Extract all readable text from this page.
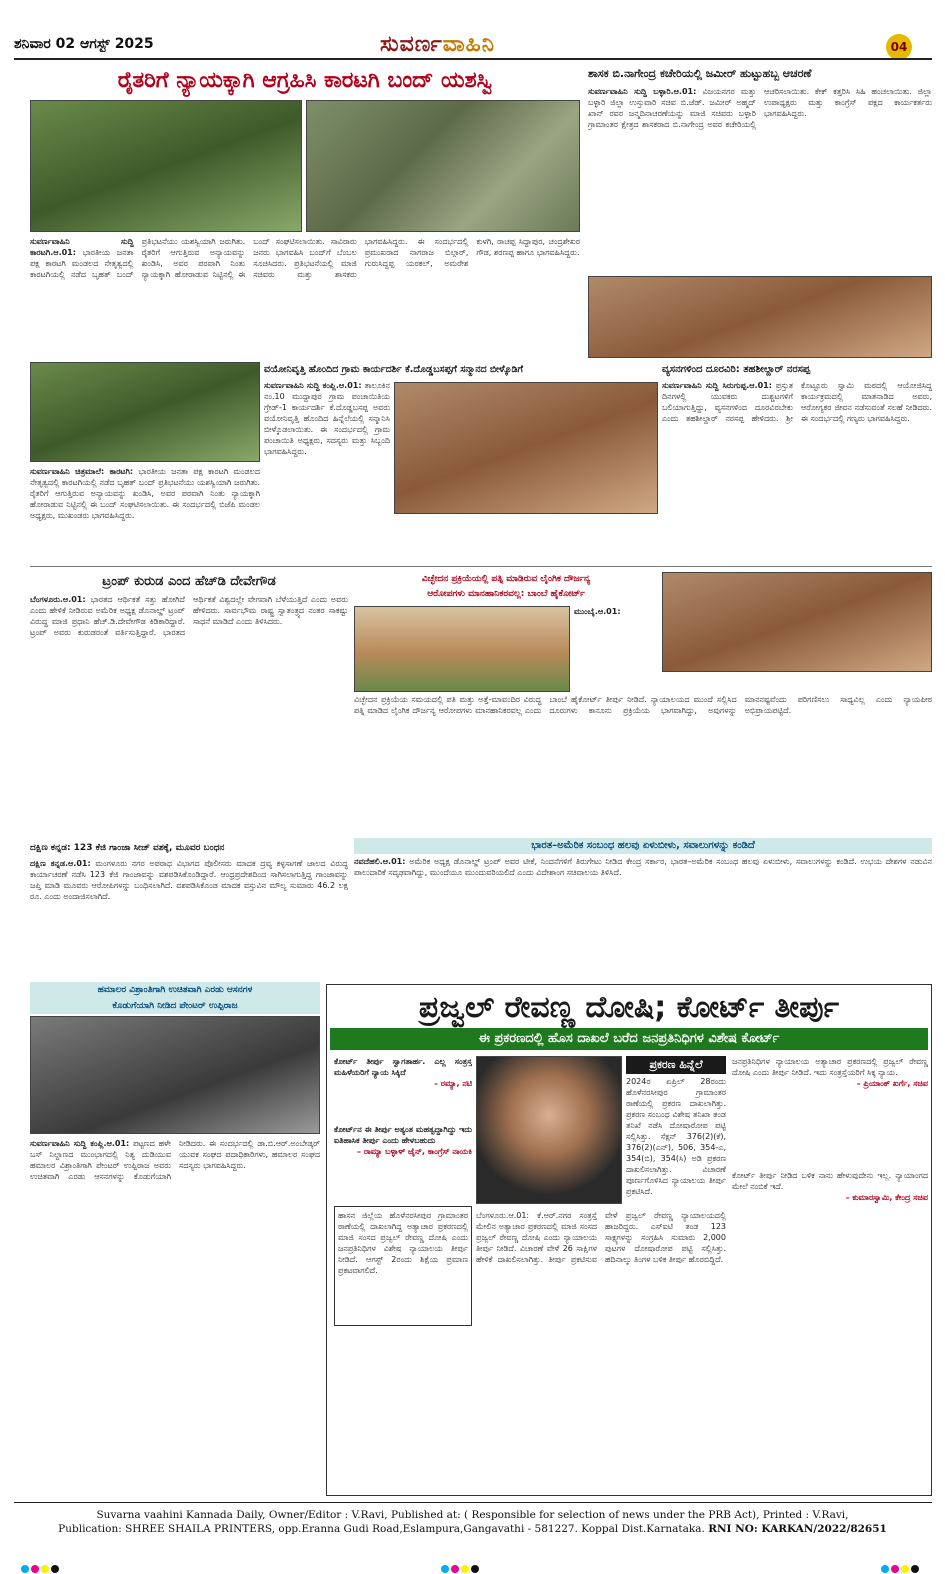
ಶನಿವಾರ 02 ಆಗಸ್ಟ್ 2025	ಸುವರ್ಣವಾಹಿನಿ	04
ರೈತರಿಗೆ ನ್ಯಾಯಕ್ಕಾಗಿ ಆಗ್ರಹಿಸಿ ಕಾರಟಗಿ ಬಂದ್ ಯಶಸ್ವಿ
ಸುವರ್ಣವಾಹಿನಿ ಸುದ್ದಿ ಕಾರಟಗಿ.ಆ.01: ಭಾರತೀಯ ಜನತಾ ಪಕ್ಷ ಕಾರಟಗಿ ಮಂಡಲದ ನೇತೃತ್ವದಲ್ಲಿ ಕಾರಟಗಿಯಲ್ಲಿ ನಡೆದ ಬೃಹತ್ ಬಂದ್ ಪ್ರತಿಭಟನೆಯು ಯಶಸ್ವಿಯಾಗಿ ಜರುಗಿತು. ರೈತರಿಗೆ ಆಗುತ್ತಿರುವ ಅನ್ಯಾಯವನ್ನು ಖಂಡಿಸಿ, ಅವರ ಪರವಾಗಿ ನಿಂತು ನ್ಯಾಯಕ್ಕಾಗಿ ಹೋರಾಡುವ ನಿಟ್ಟಿನಲ್ಲಿ ಈ ಬಂದ್ ಸಂಘಟಿಸಲಾಯಿತು. ಸಾವಿರಾರು ಜನರು ಭಾಗವಹಿಸಿ ಬಂದ್‌ಗೆ ಬೆಂಬಲ ಸೂಚಿಸಿದರು. ಪ್ರತಿಭಟನೆಯಲ್ಲಿ ಮಾಜಿ ಸಚಿವರು ಮತ್ತು ಶಾಸಕರು ಭಾಗವಹಿಸಿದ್ದರು. ಈ ಸಂದರ್ಭದಲ್ಲಿ ಪ್ರಮುಖರಾದ ನಾಗರಾಜ ಬಿಲ್ಗಾರ್, ಗುರುಸಿದ್ದಪ್ಪ ಯರಕಲ್, ಅಮರೇಶ ಕುಳಗಿ, ರಾಚಪ್ಪ ಸಿದ್ದಾಪುರ, ಚಂದ್ರಶೇಖರ ಗೌಡ, ಶರಣಪ್ಪ ಹಾಗೂ ಭಾಗವಹಿಸಿದ್ದರು.
ಸುವರ್ಣವಾಹಿನಿ ಚಿತ್ರಮಾಲೆ: ಕಾರಟಗಿ: ಭಾರತೀಯ ಜನತಾ ಪಕ್ಷ ಕಾರಟಗಿ ಮಂಡಲದ ನೇತೃತ್ವದಲ್ಲಿ ಕಾರಟಗಿಯಲ್ಲಿ ನಡೆದ ಬೃಹತ್ ಬಂದ್ ಪ್ರತಿಭಟನೆಯು ಯಶಸ್ವಿಯಾಗಿ ಜರುಗಿತು. ರೈತರಿಗೆ ಆಗುತ್ತಿರುವ ಅನ್ಯಾಯವನ್ನು ಖಂಡಿಸಿ, ಅವರ ಪರವಾಗಿ ನಿಂತು ನ್ಯಾಯಕ್ಕಾಗಿ ಹೋರಾಡುವ ನಿಟ್ಟಿನಲ್ಲಿ ಈ ಬಂದ್ ಸಂಘಟಿಸಲಾಯಿತು. ಈ ಸಂದರ್ಭದಲ್ಲಿ ಬಿಜೆಪಿ ಮಂಡಲ ಅಧ್ಯಕ್ಷರು, ಮುಖಂಡರು ಭಾಗವಹಿಸಿದ್ದರು.
ಶಾಸಕ ಬಿ.ನಾಗೇಂದ್ರ ಕಚೇರಿಯಲ್ಲಿ ಜಮೀರ್ ಹುಟ್ಟುಹಬ್ಬ ಆಚರಣೆ
ಸುವರ್ಣವಾಹಿನಿ ಸುದ್ದಿ ಬಳ್ಳಾರಿ.ಆ.01: ವಿಜಯನಗರ ಮತ್ತು ಬಳ್ಳಾರಿ ಜಿಲ್ಲಾ ಉಸ್ತುವಾರಿ ಸಚಿವ ಬಿ.ಜೆಡ್. ಜಮೀರ್ ಅಹ್ಮದ್ ಖಾನ್ ರವರ ಜನ್ಮದಿನಾಚರಣೆಯನ್ನು ಮಾಜಿ ಸಚಿವರು ಬಳ್ಳಾರಿ ಗ್ರಾಮಾಂತರ ಕ್ಷೇತ್ರದ ಶಾಸಕರಾದ ಬಿ.ನಾಗೇಂದ್ರ ಅವರ ಕಚೇರಿಯಲ್ಲಿ ಆಚರಿಸಲಾಯಿತು. ಕೇಕ್ ಕತ್ತರಿಸಿ ಸಿಹಿ ಹಂಚಲಾಯಿತು. ಜಿಲ್ಲಾ ಉಪಾಧ್ಯಕ್ಷರು ಮತ್ತು ಕಾಂಗ್ರೆಸ್ ಪಕ್ಷದ ಕಾರ್ಯಕರ್ತರು ಭಾಗವಹಿಸಿದ್ದರು.
ವಯೋನಿವೃತ್ತಿ ಹೊಂದಿದ ಗ್ರಾಮ ಕಾರ್ಯದರ್ಶಿ ಕೆ.ದೊಡ್ಡಬಸಪ್ಪಗೆ ಸನ್ಮಾನದ ಬೀಳ್ಕೊಡಿಗೆ
ಸುವರ್ಣವಾಹಿನಿ ಸುದ್ದಿ ಕಂಪ್ಲಿ.ಆ.01: ತಾಲೂಕಿನ ನಂ.10 ಮುದ್ದಾಪುರ ಗ್ರಾಮ ಪಂಚಾಯಿತಿಯ ಗ್ರೇಡ್-1 ಕಾರ್ಯದರ್ಶಿ ಕೆ.ದೊಡ್ಡಬಸಪ್ಪ ಅವರು ವಯೋನಿವೃತ್ತಿ ಹೊಂದಿದ ಹಿನ್ನೆಲೆಯಲ್ಲಿ ಸನ್ಮಾನಿಸಿ ಬೀಳ್ಕೊಡಲಾಯಿತು. ಈ ಸಂದರ್ಭದಲ್ಲಿ ಗ್ರಾಮ ಪಂಚಾಯಿತಿ ಅಧ್ಯಕ್ಷರು, ಸದಸ್ಯರು ಮತ್ತು ಸಿಬ್ಬಂದಿ ಭಾಗವಹಿಸಿದ್ದರು.
ವ್ಯಸನಗಳಿಂದ ದೂರವಿರಿ: ತಹಶೀಲ್ದಾರ್ ನರಸಪ್ಪ
ಸುವರ್ಣವಾಹಿನಿ ಸುದ್ದಿ ಸಿರುಗುಪ್ಪ.ಆ.01: ಪ್ರಸ್ತುತ ದಿನಗಳಲ್ಲಿ ಯುವಕರು ದುಶ್ಚಟಗಳಿಗೆ ಬಲಿಯಾಗುತ್ತಿದ್ದು, ವ್ಯಸನಗಳಿಂದ ದೂರವಿರಬೇಕು ಎಂದು ತಹಶೀಲ್ದಾರ್ ನರಸಪ್ಪ ಹೇಳಿದರು. ಶ್ರೀ ಕೊಟ್ಟೂರು ಸ್ವಾಮಿ ಮಠದಲ್ಲಿ ಆಯೋಜಿಸಿದ್ದ ಕಾರ್ಯಕ್ರಮದಲ್ಲಿ ಮಾತನಾಡಿದ ಅವರು, ಆರೋಗ್ಯಕರ ಜೀವನ ನಡೆಸುವಂತೆ ಸಲಹೆ ನೀಡಿದರು. ಈ ಸಂದರ್ಭದಲ್ಲಿ ಗಣ್ಯರು ಭಾಗವಹಿಸಿದ್ದರು.
ಟ್ರಂಪ್ ಕುರುಡ ಎಂದ ಹೆಚ್‌ಡಿ ದೇವೇಗೌಡ
ಬೆಂಗಳೂರು.ಆ.01: ಭಾರತದ ಆರ್ಥಿಕತೆ ಸತ್ತು ಹೋಗಿದೆ ಎಂದು ಹೇಳಿಕೆ ನೀಡಿರುವ ಅಮೆರಿಕ ಅಧ್ಯಕ್ಷ ಡೊನಾಲ್ಡ್ ಟ್ರಂಪ್ ವಿರುದ್ಧ ಮಾಜಿ ಪ್ರಧಾನಿ ಹೆಚ್.ಡಿ.ದೇವೇಗೌಡ ಕಿಡಿಕಾರಿದ್ದಾರೆ. ಟ್ರಂಪ್ ಅವರು ಕುರುಡರಂತೆ ವರ್ತಿಸುತ್ತಿದ್ದಾರೆ. ಭಾರತದ ಆರ್ಥಿಕತೆ ವಿಶ್ವದಲ್ಲೇ ವೇಗವಾಗಿ ಬೆಳೆಯುತ್ತಿದೆ ಎಂದು ಅವರು ಹೇಳಿದರು. ಸಾರ್ವಭೌಮ ರಾಷ್ಟ್ರ ಸ್ವಾತಂತ್ರ್ಯದ ನಂತರ ಸಾಕಷ್ಟು ಸಾಧನೆ ಮಾಡಿದೆ ಎಂದು ತಿಳಿಸಿದರು.
ವಿಚ್ಛೇದನ ಪ್ರಕ್ರಿಯೆಯಲ್ಲಿ ಪತ್ನಿ ಮಾಡಿರುವ ಲೈಂಗಿಕ ದೌರ್ಜನ್ಯ
ಆರೋಪಗಳು ಮಾನಹಾನಿಕರವಲ್ಲ: ಬಾಂಬೆ ಹೈಕೋರ್ಟ್
ಮುಂಬೈ.ಆ.01:
ವಿಚ್ಛೇದನ ಪ್ರಕ್ರಿಯೆಯ ಸಮಯದಲ್ಲಿ ಪತಿ ಮತ್ತು ಅತ್ತೆ-ಮಾವಂದಿರ ವಿರುದ್ಧ ಪತ್ನಿ ಮಾಡಿದ ಲೈಂಗಿಕ ದೌರ್ಜನ್ಯ ಆರೋಪಗಳು ಮಾನಹಾನಿಕರವಲ್ಲ ಎಂದು ಬಾಂಬೆ ಹೈಕೋರ್ಟ್ ತೀರ್ಪು ನೀಡಿದೆ. ನ್ಯಾಯಾಲಯದ ಮುಂದೆ ಸಲ್ಲಿಸಿದ ದೂರುಗಳು ಕಾನೂನು ಪ್ರಕ್ರಿಯೆಯ ಭಾಗವಾಗಿದ್ದು, ಅವುಗಳನ್ನು ಮಾನನಷ್ಟವೆಂದು ಪರಿಗಣಿಸಲು ಸಾಧ್ಯವಿಲ್ಲ ಎಂದು ನ್ಯಾಯಪೀಠ ಅಭಿಪ್ರಾಯಪಟ್ಟಿದೆ.
ಭಾರತ–ಅಮೆರಿಕ ಸಂಬಂಧ ಹಲವು ಏಳುಬೀಳು, ಸವಾಲುಗಳನ್ನು ಕಂಡಿದೆ
ನವದೆಹಲಿ.ಆ.01: ಅಮೆರಿಕ ಅಧ್ಯಕ್ಷ ಡೊನಾಲ್ಡ್ ಟ್ರಂಪ್ ಅವರ ಟೀಕೆ, ನಿಂದನೆಗಳಿಗೆ ತಿರುಗೇಟು ನೀಡಿದ ಕೇಂದ್ರ ಸರ್ಕಾರ, ಭಾರತ–ಅಮೆರಿಕ ಸಂಬಂಧ ಹಲವು ಏಳುಬೀಳು, ಸವಾಲುಗಳನ್ನು ಕಂಡಿದೆ. ಉಭಯ ದೇಶಗಳ ನಡುವಿನ ಪಾಲುದಾರಿಕೆ ಸದೃಢವಾಗಿದ್ದು, ಮುಂದೆಯೂ ಮುಂದುವರಿಯಲಿದೆ ಎಂದು ವಿದೇಶಾಂಗ ಸಚಿವಾಲಯ ತಿಳಿಸಿದೆ.
ದಕ್ಷಿಣ ಕನ್ನಡ: 123 ಕೆಜಿ ಗಾಂಜಾ ಸೀಜ್ ವಶಕ್ಕೆ, ಮೂವರ ಬಂಧನ
ದಕ್ಷಿಣ ಕನ್ನಡ.ಆ.01: ಮಂಗಳೂರು ನಗರ ಅಪರಾಧ ವಿಭಾಗದ ಪೊಲೀಸರು ಮಾದಕ ದ್ರವ್ಯ ಕಳ್ಳಸಾಗಣೆ ಜಾಲದ ವಿರುದ್ಧ ಕಾರ್ಯಾಚರಣೆ ನಡೆಸಿ 123 ಕೆಜಿ ಗಾಂಜಾವನ್ನು ವಶಪಡಿಸಿಕೊಂಡಿದ್ದಾರೆ. ಆಂಧ್ರಪ್ರದೇಶದಿಂದ ಸಾಗಿಸಲಾಗುತ್ತಿದ್ದ ಗಾಂಜಾವನ್ನು ಜಪ್ತಿ ಮಾಡಿ ಮೂವರು ಆರೋಪಿಗಳನ್ನು ಬಂಧಿಸಲಾಗಿದೆ. ವಶಪಡಿಸಿಕೊಂಡ ಮಾದಕ ವಸ್ತುವಿನ ಮೌಲ್ಯ ಸುಮಾರು 46.2 ಲಕ್ಷ ರೂ. ಎಂದು ಅಂದಾಜಿಸಲಾಗಿದೆ.
ಹಮಾಲರ ವಿಶ್ರಾಂತಿಗಾಗಿ ಉಚಿತವಾಗಿ ಎರಡು ಆಸನಗಳ
ಕೊಡುಗೆಯಾಗಿ ನೀಡಿದ ಪೇಂಟರ್ ಉಪ್ಪಿರಾಜ
ಸುವರ್ಣವಾಹಿನಿ ಸುದ್ದಿ ಕಂಪ್ಲಿ.ಆ.01: ಪಟ್ಟಣದ ಹಳೇ ಬಸ್ ನಿಲ್ದಾಣದ ಮುಂಭಾಗದಲ್ಲಿ ನಿತ್ಯ ದುಡಿಯುವ ಹಮಾಲರ ವಿಶ್ರಾಂತಿಗಾಗಿ ಪೇಂಟರ್ ಉಪ್ಪಿರಾಜ ಅವರು ಉಚಿತವಾಗಿ ಎರಡು ಆಸನಗಳನ್ನು ಕೊಡುಗೆಯಾಗಿ ನೀಡಿದರು. ಈ ಸಂದರ್ಭದಲ್ಲಿ ಡಾ.ಬಿ.ಆರ್.ಅಂಬೇಡ್ಕರ್ ಯುವಕ ಸಂಘದ ಪದಾಧಿಕಾರಿಗಳು, ಹಮಾಲರ ಸಂಘದ ಸದಸ್ಯರು ಭಾಗವಹಿಸಿದ್ದರು.
ಪ್ರಜ್ವಲ್ ರೇವಣ್ಣ ದೋಷಿ; ಕೋರ್ಟ್ ತೀರ್ಪು
ಈ ಪ್ರಕರಣದಲ್ಲಿ ಹೊಸ ದಾಖಲೆ ಬರೆದ ಜನಪ್ರತಿನಿಧಿಗಳ ವಿಶೇಷ ಕೋರ್ಟ್
ಕೋರ್ಟ್ ತೀರ್ಪು ಸ್ವಾಗತಾರ್ಹ. ಎಲ್ಲ ಸಂತ್ರಸ್ತ ಮಹಿಳೆಯರಿಗೆ ನ್ಯಾಯ ಸಿಕ್ಕಿದೆ
– ರಮ್ಯಾ, ನಟಿ
ಕೋರ್ಟ್‌ನ ಈ ತೀರ್ಪು ಅತ್ಯಂತ ಮಹತ್ವದ್ದಾಗಿದ್ದು ಇದು ಐತಿಹಾಸಿಕ ತೀರ್ಪು ಎಂದು ಹೇಳಬಹುದು
– ರಾಮ್ಯಾ ಬಳ್ಳಾಳ್ ಜೈನ್, ಕಾಂಗ್ರೆಸ್ ನಾಯಕಿ
ಹಾಸನ ಜಿಲ್ಲೆಯ ಹೊಳೆನರಸೀಪುರ ಗ್ರಾಮಾಂತರ ಠಾಣೆಯಲ್ಲಿ ದಾಖಲಾಗಿದ್ದ ಅತ್ಯಾಚಾರ ಪ್ರಕರಣದಲ್ಲಿ ಮಾಜಿ ಸಂಸದ ಪ್ರಜ್ವಲ್ ರೇವಣ್ಣ ದೋಷಿ ಎಂದು ಜನಪ್ರತಿನಿಧಿಗಳ ವಿಶೇಷ ನ್ಯಾಯಾಲಯ ತೀರ್ಪು ನೀಡಿದೆ. ಆಗಸ್ಟ್ 2ರಂದು ಶಿಕ್ಷೆಯ ಪ್ರಮಾಣ ಪ್ರಕಟವಾಗಲಿದೆ.
ಪ್ರಕರಣ ಹಿನ್ನೆಲೆ
2024ರ ಏಪ್ರಿಲ್ 28ರಂದು ಹೊಳೆನರಸೀಪುರ ಗ್ರಾಮಾಂತರ ಠಾಣೆಯಲ್ಲಿ ಪ್ರಕರಣ ದಾಖಲಾಗಿತ್ತು. ಪ್ರಕರಣ ಸಂಬಂಧ ವಿಶೇಷ ತನಿಖಾ ತಂಡ ತನಿಖೆ ನಡೆಸಿ ದೋಷಾರೋಪ ಪಟ್ಟಿ ಸಲ್ಲಿಸಿತ್ತು. ಸೆಕ್ಷನ್ 376(2)(ಕೆ), 376(2)(ಎನ್), 506, 354-ಎ, 354(ಬಿ), 354(ಸಿ) ಅಡಿ ಪ್ರಕರಣ ದಾಖಲಿಸಲಾಗಿತ್ತು. ವಿಚಾರಣೆ ಪೂರ್ಣಗೊಳಿಸಿದ ನ್ಯಾಯಾಲಯ ತೀರ್ಪು ಪ್ರಕಟಿಸಿದೆ.
ಬೆಂಗಳೂರು.ಆ.01: ಕೆ.ಆರ್.ನಗರ ಸಂತ್ರಸ್ತೆ ಮೇಲಿನ ಅತ್ಯಾಚಾರ ಪ್ರಕರಣದಲ್ಲಿ ಮಾಜಿ ಸಂಸದ ಪ್ರಜ್ವಲ್ ರೇವಣ್ಣ ದೋಷಿ ಎಂದು ನ್ಯಾಯಾಲಯ ತೀರ್ಪು ನೀಡಿದೆ. ವಿಚಾರಣೆ ವೇಳೆ 26 ಸಾಕ್ಷಿಗಳ ಹೇಳಿಕೆ ದಾಖಲಿಸಲಾಗಿತ್ತು. ತೀರ್ಪು ಪ್ರಕಟಿಸುವ ವೇಳೆ ಪ್ರಜ್ವಲ್ ರೇವಣ್ಣ ನ್ಯಾಯಾಲಯದಲ್ಲಿ ಹಾಜರಿದ್ದರು. ಎಸ್ಐಟಿ ತಂಡ 123 ಸಾಕ್ಷ್ಯಗಳನ್ನು ಸಂಗ್ರಹಿಸಿ ಸುಮಾರು 2,000 ಪುಟಗಳ ದೋಷಾರೋಪ ಪಟ್ಟಿ ಸಲ್ಲಿಸಿತ್ತು. ಹದಿನಾಲ್ಕು ತಿಂಗಳ ಬಳಿಕ ತೀರ್ಪು ಹೊರಬಿದ್ದಿದೆ.
ಜನಪ್ರತಿನಿಧಿಗಳ ನ್ಯಾಯಾಲಯ ಅತ್ಯಾಚಾರ ಪ್ರಕರಣದಲ್ಲಿ ಪ್ರಜ್ವಲ್ ರೇವಣ್ಣ ದೋಷಿ ಎಂದು ತೀರ್ಪು ನೀಡಿದೆ. ಇದು ಸಂತ್ರಸ್ತೆಯರಿಗೆ ಸಿಕ್ಕ ನ್ಯಾಯ.
– ಪ್ರಿಯಾಂಕ್ ಖರ್ಗೆ, ಸಚಿವ
ಕೋರ್ಟ್ ತೀರ್ಪು ನೀಡಿದ ಬಳಿಕ ನಾನು ಹೇಳುವುದೇನು ಇಲ್ಲ. ನ್ಯಾಯಾಂಗದ ಮೇಲೆ ನಂಬಿಕೆ ಇದೆ.
– ಕುಮಾರಸ್ವಾಮಿ, ಕೇಂದ್ರ ಸಚಿವ
Suvarna vaahini Kannada Daily, Owner/Editor : V.Ravi, Published at: ( Responsible for selection of news under the PRB Act), Printed : V.Ravi,
Publication: SHREE SHAILA PRINTERS, opp.Eranna Gudi Road,Eslampura,Gangavathi - 581227. Koppal Dist.Karnataka. RNI NO: KARKAN/2022/82651
